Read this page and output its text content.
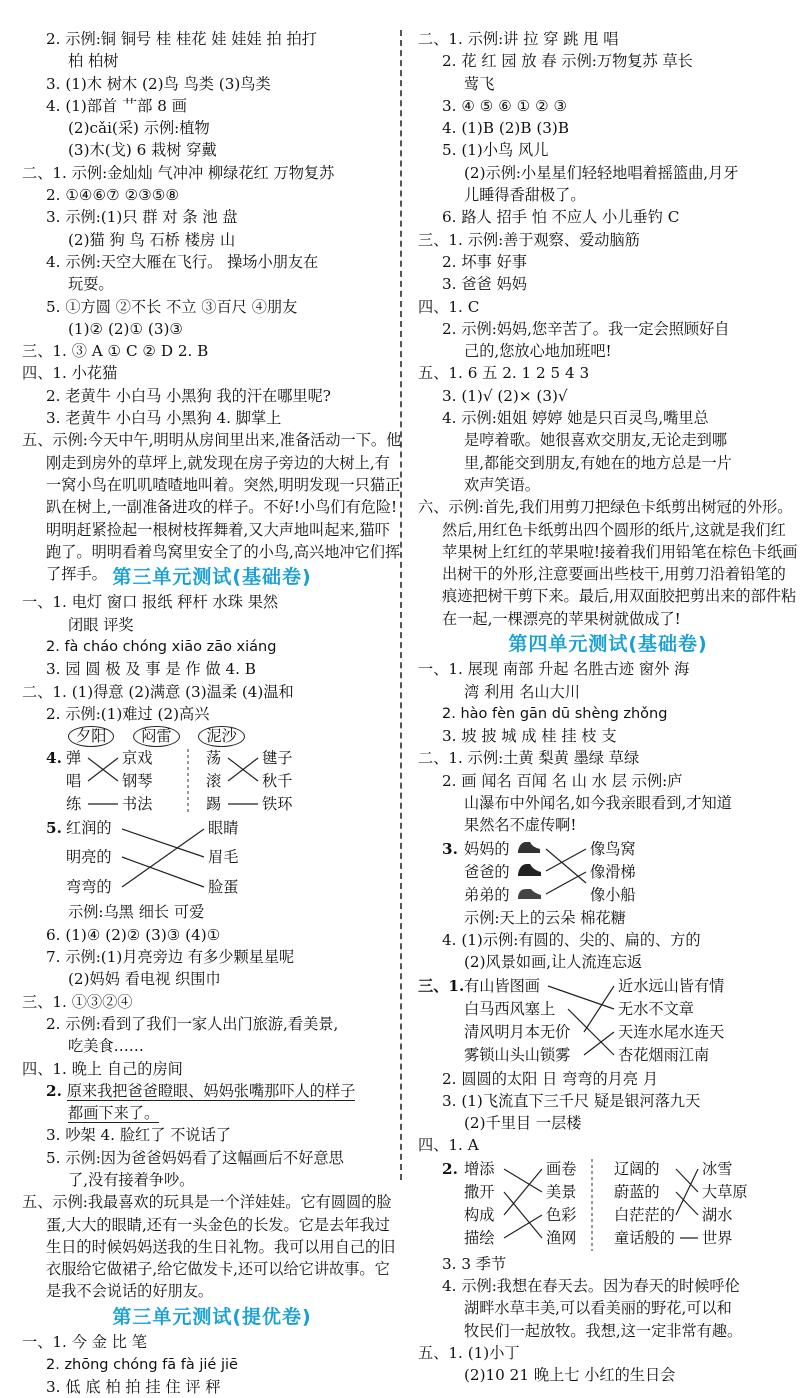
2. 示例:铜 铜号 桂 桂花 娃 娃娃 拍 拍打
柏 柏树
3. (1)木 树木 (2)鸟 鸟类 (3)鸟类
4. (1)部首 艹部 8 画
(2)cǎi(采) 示例:植物
(3)木(戈) 6 栽树 穿戴
二、1. 示例:金灿灿 气冲冲 柳绿花红 万物复苏
2. ①④⑥⑦ ②③⑤⑧
3. 示例:(1)只 群 对 条 池 盘
(2)猫 狗 鸟 石桥 楼房 山
4. 示例:天空大雁在飞行。 操场小朋友在
玩耍。
5. ①方圆 ②不长 不立 ③百尺 ④朋友
(1)② (2)① (3)③
三、1. ③ A ① C ② D 2. B
四、1. 小花猫
2. 老黄牛 小白马 小黑狗 我的汗在哪里呢?
3. 老黄牛 小白马 小黑狗 4. 脚掌上
五、示例:今天中午,明明从房间里出来,准备活动一下。他刚走到房外的草坪上,就发现在房子旁边的大树上,有一窝小鸟在叽叽喳喳地叫着。突然,明明发现一只猫正趴在树上,一副准备进攻的样子。不好!小鸟们有危险!明明赶紧捡起一根树枝挥舞着,又大声地叫起来,猫吓跑了。明明看着鸟窝里安全了的小鸟,高兴地冲它们挥了挥手。 第三单元测试(基础卷)
一、1. 电灯 窗口 报纸 秤杆 水珠 果然
闭眼 评奖
2. fà cháo chóng xiāo zāo xiáng
3. 园 圆 极 及 事 是 作 做 4. B
二、1. (1)得意 (2)满意 (3)温柔 (4)温和
2. 示例:(1)难过 (2)高兴
夕阳 闷雷 泥沙
4. 弹
唱
练
京戏
钢琴
书法
荡
滚
踢
毽子
秋千
铁环
5. 红润的
明亮的
弯弯的
眼睛
眉毛
脸蛋
示例:乌黑 细长 可爱
6. (1)④ (2)② (3)③ (4)①
7. 示例:(1)月亮旁边 有多少颗星星呢
(2)妈妈 看电视 织围巾
三、1. ①③②④
2. 示例:看到了我们一家人出门旅游,看美景,
吃美食……
四、1. 晚上 自己的房间
2. 原来我把爸爸瞪眼、妈妈张嘴那吓人的样子
都画下来了。
3. 吵架 4. 脸红了 不说话了
5. 示例:因为爸爸妈妈看了这幅画后不好意思
了,没有接着争吵。
五、示例:我最喜欢的玩具是一个洋娃娃。它有圆圆的脸蛋,大大的眼睛,还有一头金色的长发。它是去年我过生日的时候妈妈送我的生日礼物。我可以用自己的旧衣服给它做裙子,给它做发卡,还可以给它讲故事。它是我不会说话的好朋友。
第三单元测试(提优卷)
一、1. 今 金 比 笔
2. zhōng chóng fā fà jié jiē
3. 低 底 柏 拍 挂 住 评 秤
二、1. 示例:讲 拉 穿 跳 甩 唱
2. 花 红 园 放 春 示例:万物复苏 草长
莺飞
3. ④ ⑤ ⑥ ① ② ③
4. (1)B (2)B (3)B
5. (1)小鸟 风儿
(2)示例:小星星们轻轻地唱着摇篮曲,月牙
儿睡得香甜极了。
6. 路人 招手 怕 不应人 小儿垂钓 C
三、1. 示例:善于观察、爱动脑筋
2. 坏事 好事
3. 爸爸 妈妈
四、1. C
2. 示例:妈妈,您辛苦了。我一定会照顾好自
己的,您放心地加班吧!
五、1. 6 五 2. 1 2 5 4 3
3. (1)√ (2)× (3)√
4. 示例:姐姐 婷婷 她是只百灵鸟,嘴里总
是哼着歌。她很喜欢交朋友,无论走到哪
里,都能交到朋友,有她在的地方总是一片
欢声笑语。
六、示例:首先,我们用剪刀把绿色卡纸剪出树冠的外形。然后,用红色卡纸剪出四个圆形的纸片,这就是我们红苹果树上红红的苹果啦!接着我们用铅笔在棕色卡纸画出树干的外形,注意要画出些枝干,用剪刀沿着铅笔的痕迹把树干剪下来。最后,用双面胶把剪出来的部件粘在一起,一棵漂亮的苹果树就做成了!
第四单元测试(基础卷)
一、1. 展现 南部 升起 名胜古迹 窗外 海
湾 利用 名山大川
2. hào fèn gān dū shèng zhǒng
3. 坡 披 城 成 桂 挂 枝 支
二、1. 示例:土黄 梨黄 墨绿 草绿
2. 画 闻名 百闻 名 山 水 层 示例:庐
山瀑布中外闻名,如今我亲眼看到,才知道
果然名不虚传啊!
3. 妈妈的
爸爸的
弟弟的
像鸟窝
像滑梯
像小船
示例:天上的云朵 棉花糖
4. (1)示例:有圆的、尖的、扁的、方的
(2)风景如画,让人流连忘返
三、1. 有山皆图画
白马西风塞上
清风明月本无价
雾锁山头山锁雾
近水远山皆有情
无水不文章
天连水尾水连天
杏花烟雨江南
2. 圆圆的太阳 日 弯弯的月亮 月
3. (1)飞流直下三千尺 疑是银河落九天
(2)千里目 一层楼
四、1. A
2. 增添
撒开
构成
描绘
画卷
美景
色彩
渔网
辽阔的
蔚蓝的
白茫茫的
童话般的
冰雪
大草原
湖水
世界
3. 3 季节
4. 示例:我想在春天去。因为春天的时候呼伦
湖畔水草丰美,可以看美丽的野花,可以和
牧民们一起放牧。我想,这一定非常有趣。
五、1. (1)小丁
(2)10 21 晚上七 小红的生日会
